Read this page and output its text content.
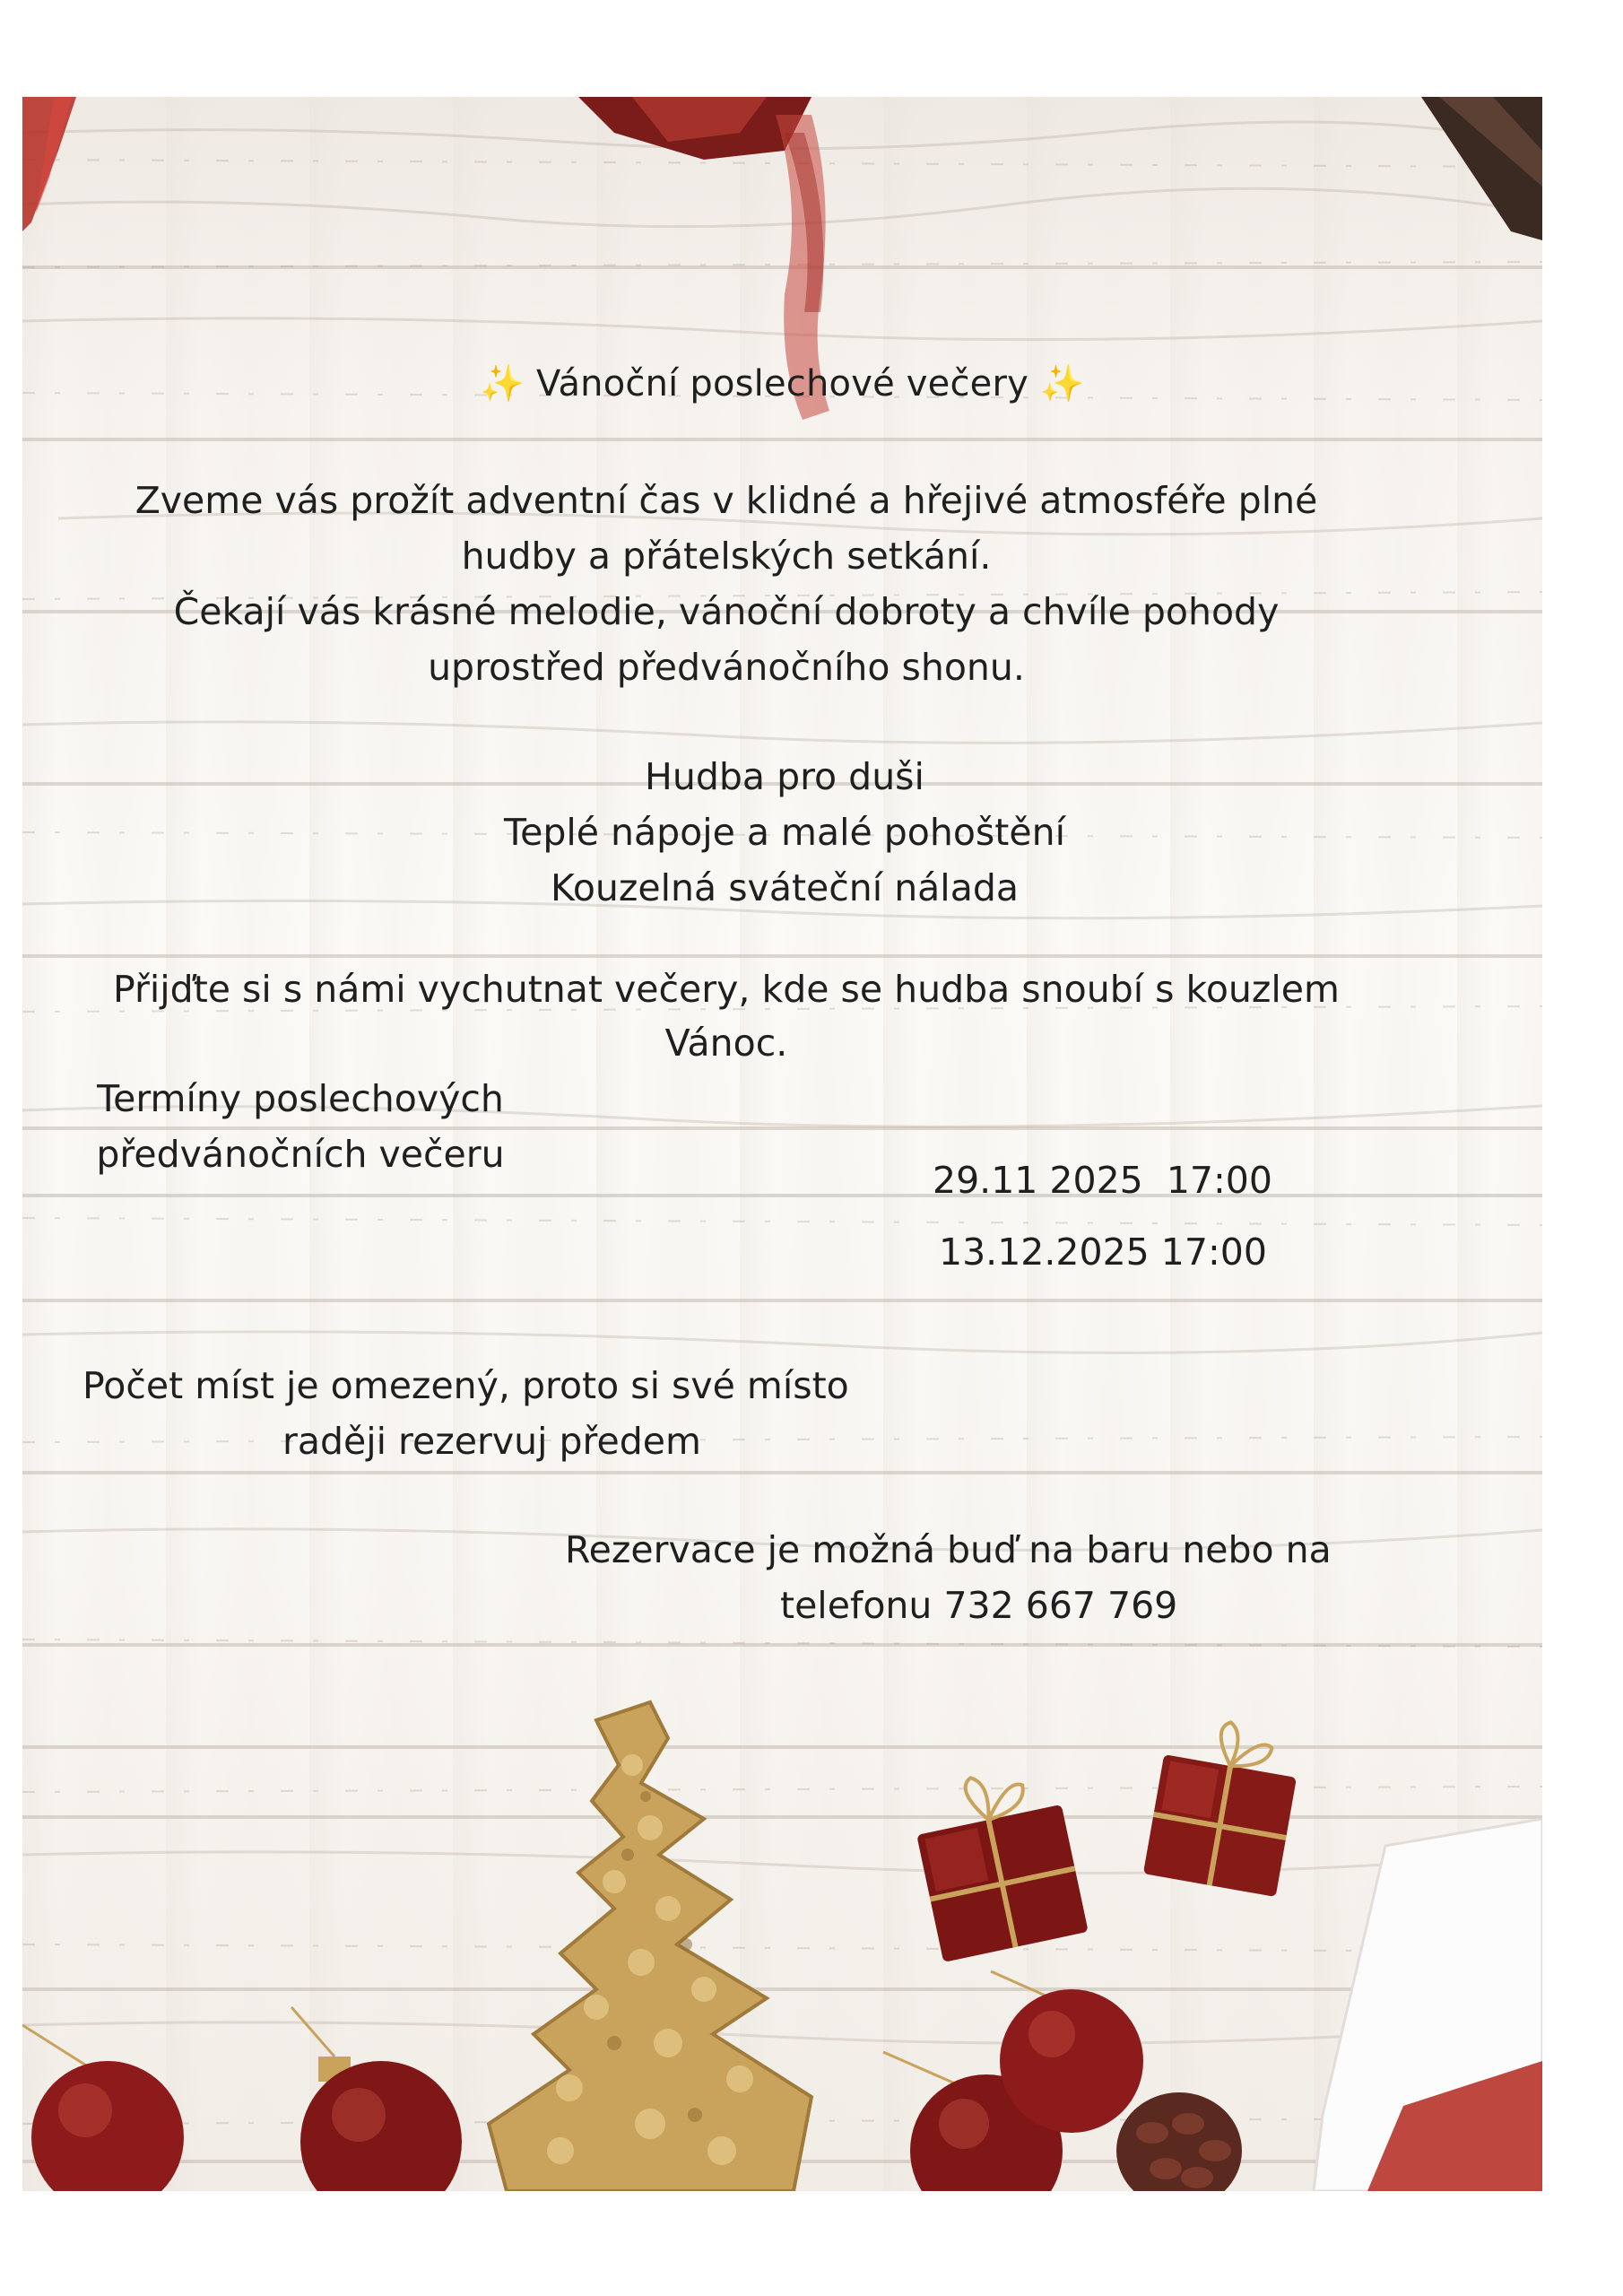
✨ Vánoční poslechové večery ✨
Zveme vás prožít adventní čas v klidné a hřejivé atmosféře plné
hudby a přátelských setkání.
Čekají vás krásné melodie, vánoční dobroty a chvíle pohody
uprostřed předvánočního shonu.
Hudba pro duši
Teplé nápoje a malé pohoštění
Kouzelná sváteční nálada
Přijďte si s námi vychutnat večery, kde se hudba snoubí s kouzlem
Vánoc.
Termíny poslechových
předvánočních večeru
29.11 2025  17:00
13.12.2025 17:00
Počet míst je omezený, proto si své místo
raději rezervuj předem
Rezervace je možná buď na baru nebo na
telefonu 732 667 769
